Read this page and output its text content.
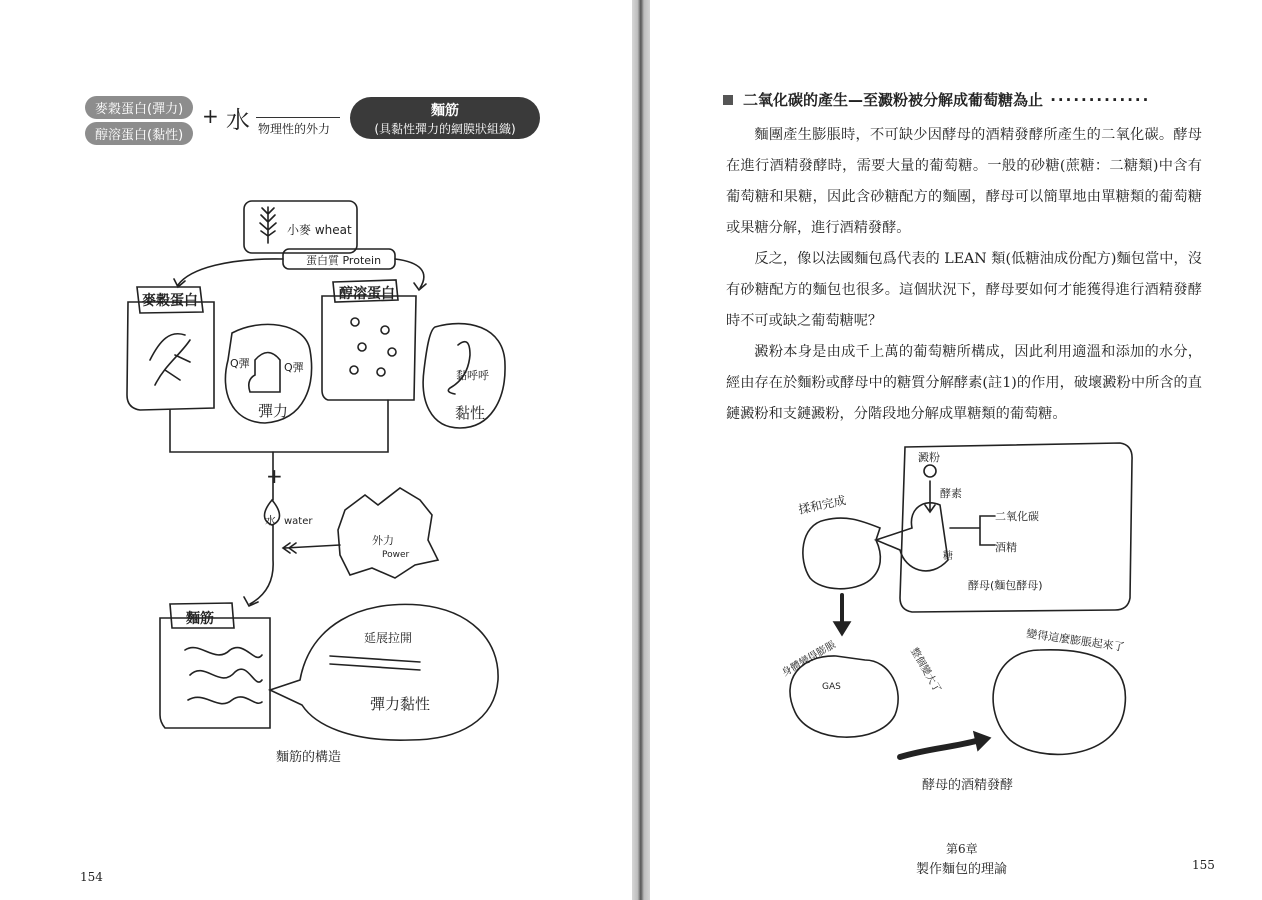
麥穀蛋白(彈力)
醇溶蛋白(黏性)
+ 水 物理性的外力
麵筋
(具黏性彈力的網膜狀組織)
小麥 wheat
蛋白質 Protein
麥穀蛋白	醇溶蛋白
Q彈	Q彈
彈力
黏呼呼
黏性
+
水 water
外力
Power
麵筋
延展拉開
彈力黏性
麵筋的構造
154
二氧化碳的產生—至澱粉被分解成葡萄糖為止 ·············

麵團產生膨脹時，不可缺少因酵母的酒精發酵所產生的二氧化碳。酵母在進行酒精發酵時，需要大量的葡萄糖。一般的砂糖(蔗糖：二糖類)中含有葡萄糖和果糖，因此含砂糖配方的麵團，酵母可以簡單地由單糖類的葡萄糖或果糖分解，進行酒精發酵。

反之，像以法國麵包爲代表的 LEAN 類(低糖油成份配方)麵包當中，沒有砂糖配方的麵包也很多。這個狀況下，酵母要如何才能獲得進行酒精發酵時不可或缺之葡萄糖呢？

澱粉本身是由成千上萬的葡萄糖所構成，因此利用適溫和添加的水分，經由存在於麵粉或酵母中的糖質分解酵素(註1)的作用，破壞澱粉中所含的直鏈澱粉和支鏈澱粉，分階段地分解成單糖類的葡萄糖。

揉和完成
澱粉
酵素
糖
二氧化碳
酒精
酵母(麵包酵母)
身體變得膨脹
GAS	整個變大了
變得這麼膨脹起來了
酵母的酒精發酵
第6章
製作麵包的理論	155
